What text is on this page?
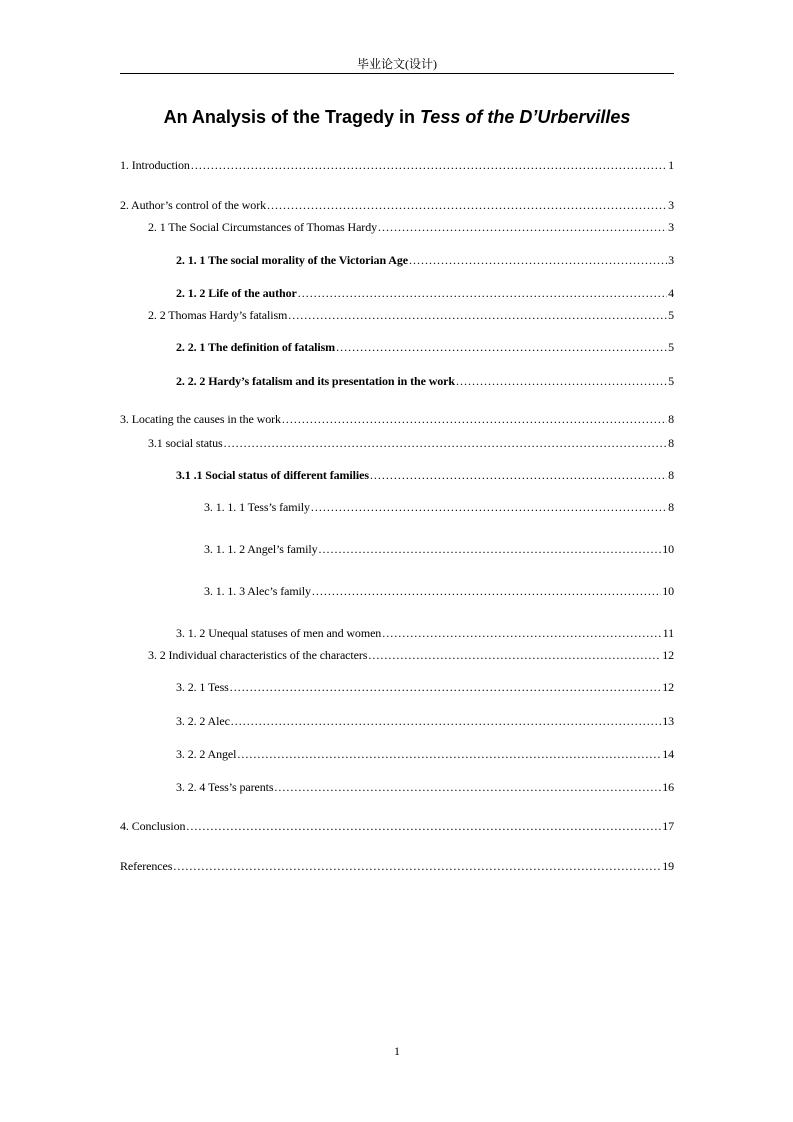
毕业论文(设计)
An Analysis of the Tragedy in Tess of the D’Urbervilles
1. Introduction .....	1
2. Author’s control of the work .....	3
2. 1 The Social Circumstances of Thomas Hardy .....	3
2. 1. 1 The social morality of the Victorian Age .....	3
2. 1. 2 Life of the author .....	4
2. 2 Thomas Hardy’s fatalism .....	5
2. 2. 1 The definition of fatalism .....	5
2. 2. 2 Hardy’s fatalism and its presentation in the work .....	5
3. Locating the causes in the work .....	8
3.1 social status .....	8
3.1 .1 Social status of different families .....	8
3. 1. 1. 1 Tess’s family .....	8
3. 1. 1. 2 Angel’s family .....	10
3. 1. 1. 3 Alec’s family .....	10
3. 1. 2 Unequal statuses of men and women .....	11
3. 2 Individual characteristics of the characters .....	12
3. 2. 1 Tess .....	12
3. 2. 2 Alec .....	13
3. 2. 2 Angel .....	14
3. 2. 4 Tess’s parents .....	16
4. Conclusion .....	17
References .....	19
1
